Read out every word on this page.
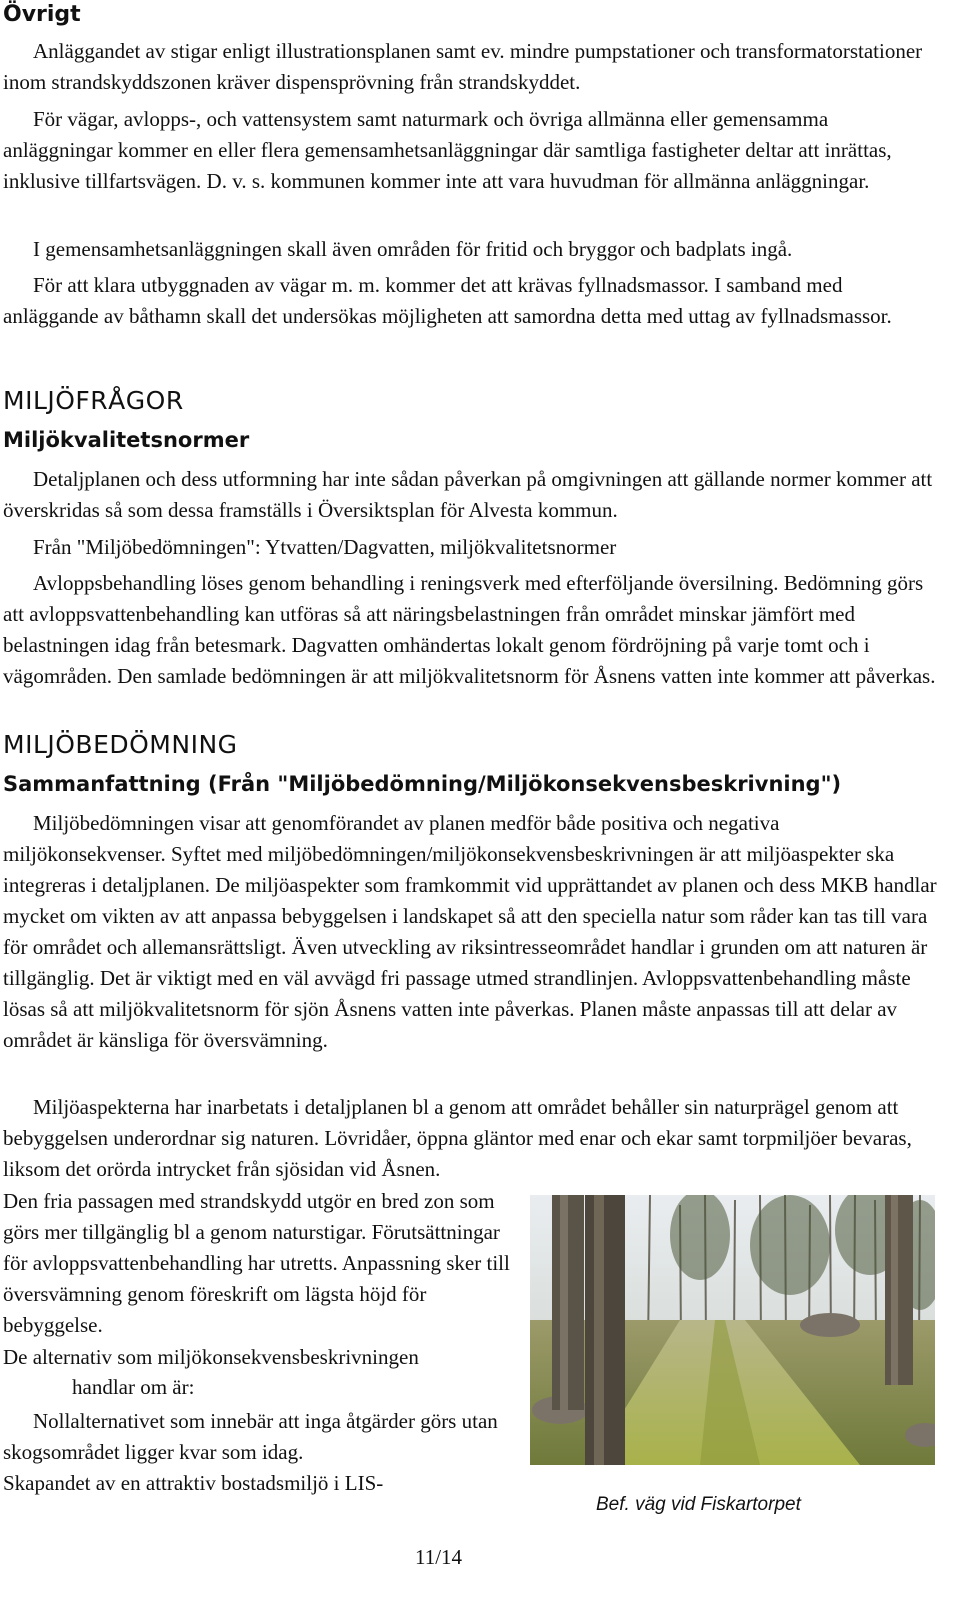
Övrigt

Anläggandet av stigar enligt illustrationsplanen samt ev. mindre pumpstationer och transformatorstationer inom strandskyddszonen kräver dispensprövning från strandskyddet.

För vägar, avlopps-, och vattensystem samt naturmark och övriga allmänna eller gemensamma anläggningar kommer en eller flera gemensamhetsanläggningar där samtliga fastigheter deltar att inrättas, inklusive tillfartsvägen. D. v. s. kommunen kommer inte att vara huvudman för allmänna anläggningar.

I gemensamhetsanläggningen skall även områden för fritid och bryggor och badplats ingå.

För att klara utbyggnaden av vägar m. m. kommer det att krävas fyllnadsmassor. I samband med anläggande av båthamn skall det undersökas möjligheten att samordna detta med uttag av fyllnadsmassor.

MILJÖFRÅGOR
Miljökvalitetsnormer

Detaljplanen och dess utformning har inte sådan påverkan på omgivningen att gällande normer kommer att överskridas så som dessa framställs i Översiktsplan för Alvesta kommun.

Från "Miljöbedömningen": Ytvatten/Dagvatten, miljökvalitetsnormer

Avloppsbehandling löses genom behandling i reningsverk med efterföljande översilning. Bedömning görs att avloppsvattenbehandling kan utföras så att näringsbelastningen från området minskar jämfört med belastningen idag från betesmark. Dagvatten omhändertas lokalt genom fördröjning på varje tomt och i vägområden. Den samlade bedömningen är att miljökvalitetsnorm för Åsnens vatten inte kommer att påverkas.

MILJÖBEDÖMNING
Sammanfattning (Från "Miljöbedömning/Miljökonsekvensbeskrivning")

Miljöbedömningen visar att genomförandet av planen medför både positiva och negativa miljökonsekvenser. Syftet med miljöbedömningen/miljökonsekvensbeskrivningen är att miljöaspekter ska integreras i detaljplanen. De miljöaspekter som framkommit vid upprättandet av planen och dess MKB handlar mycket om vikten av att anpassa bebyggelsen i landskapet så att den speciella natur som råder kan tas till vara för området och allemansrättsligt. Även utveckling av riksintresseområdet handlar i grunden om att naturen är tillgänglig. Det är viktigt med en väl avvägd fri passage utmed strandlinjen. Avloppsvattenbehandling måste lösas så att miljökvalitetsnorm för sjön Åsnens vatten inte påverkas. Planen måste anpassas till att delar av området är känsliga för översvämning.

Miljöaspekterna har inarbetats i detaljplanen bl a genom att området behåller sin naturprägel genom att bebyggelsen underordnar sig naturen. Lövridåer, öppna gläntor med enar och ekar samt torpmiljöer bevaras, liksom det orörda intrycket från sjösidan vid Åsnen.

Den fria passagen med strandskydd utgör en bred zon som görs mer tillgänglig bl a genom naturstigar. Förutsättningar för avloppsvattenbehandling har utretts. Anpassning sker till översvämning genom föreskrift om lägsta höjd för bebyggelse.

De alternativ som miljökonsekvensbeskrivningen

handlar om är:

Nollalternativet som innebär att inga åtgärder görs utan skogsområdet ligger kvar som idag.

Skapandet av en attraktiv bostadsmiljö i LIS-

Bef. väg vid Fiskartorpet
11/14
